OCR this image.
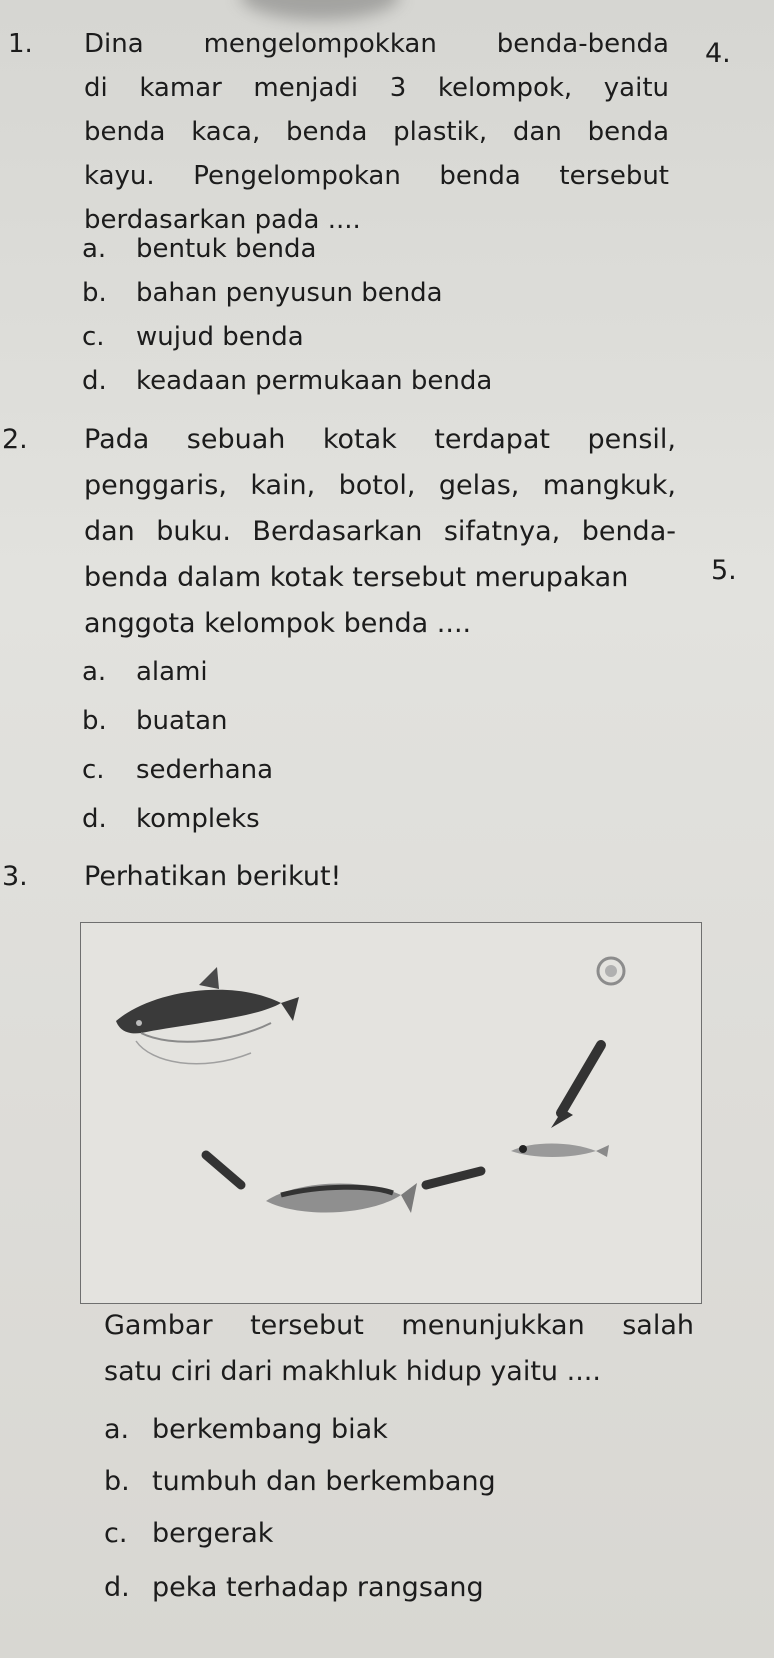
4.
5.
1. Dina mengelompokkan benda-benda
di kamar menjadi 3 kelompok, yaitu
benda kaca, benda plastik, dan benda
kayu. Pengelompokan benda tersebut
berdasarkan pada ....
a. bentuk benda
b. bahan penyusun benda
c. wujud benda
d. keadaan permukaan benda
2. Pada sebuah kotak terdapat pensil,
penggaris, kain, botol, gelas, mangkuk,
dan buku. Berdasarkan sifatnya, benda-
benda dalam kotak tersebut merupakan
anggota kelompok benda ....
a. alami
b. buatan
c. sederhana
d. kompleks
3. Perhatikan berikut!
Gambar tersebut menunjukkan salah
satu ciri dari makhluk hidup yaitu ....
a. berkembang biak
b. tumbuh dan berkembang
c. bergerak
d. peka terhadap rangsang
